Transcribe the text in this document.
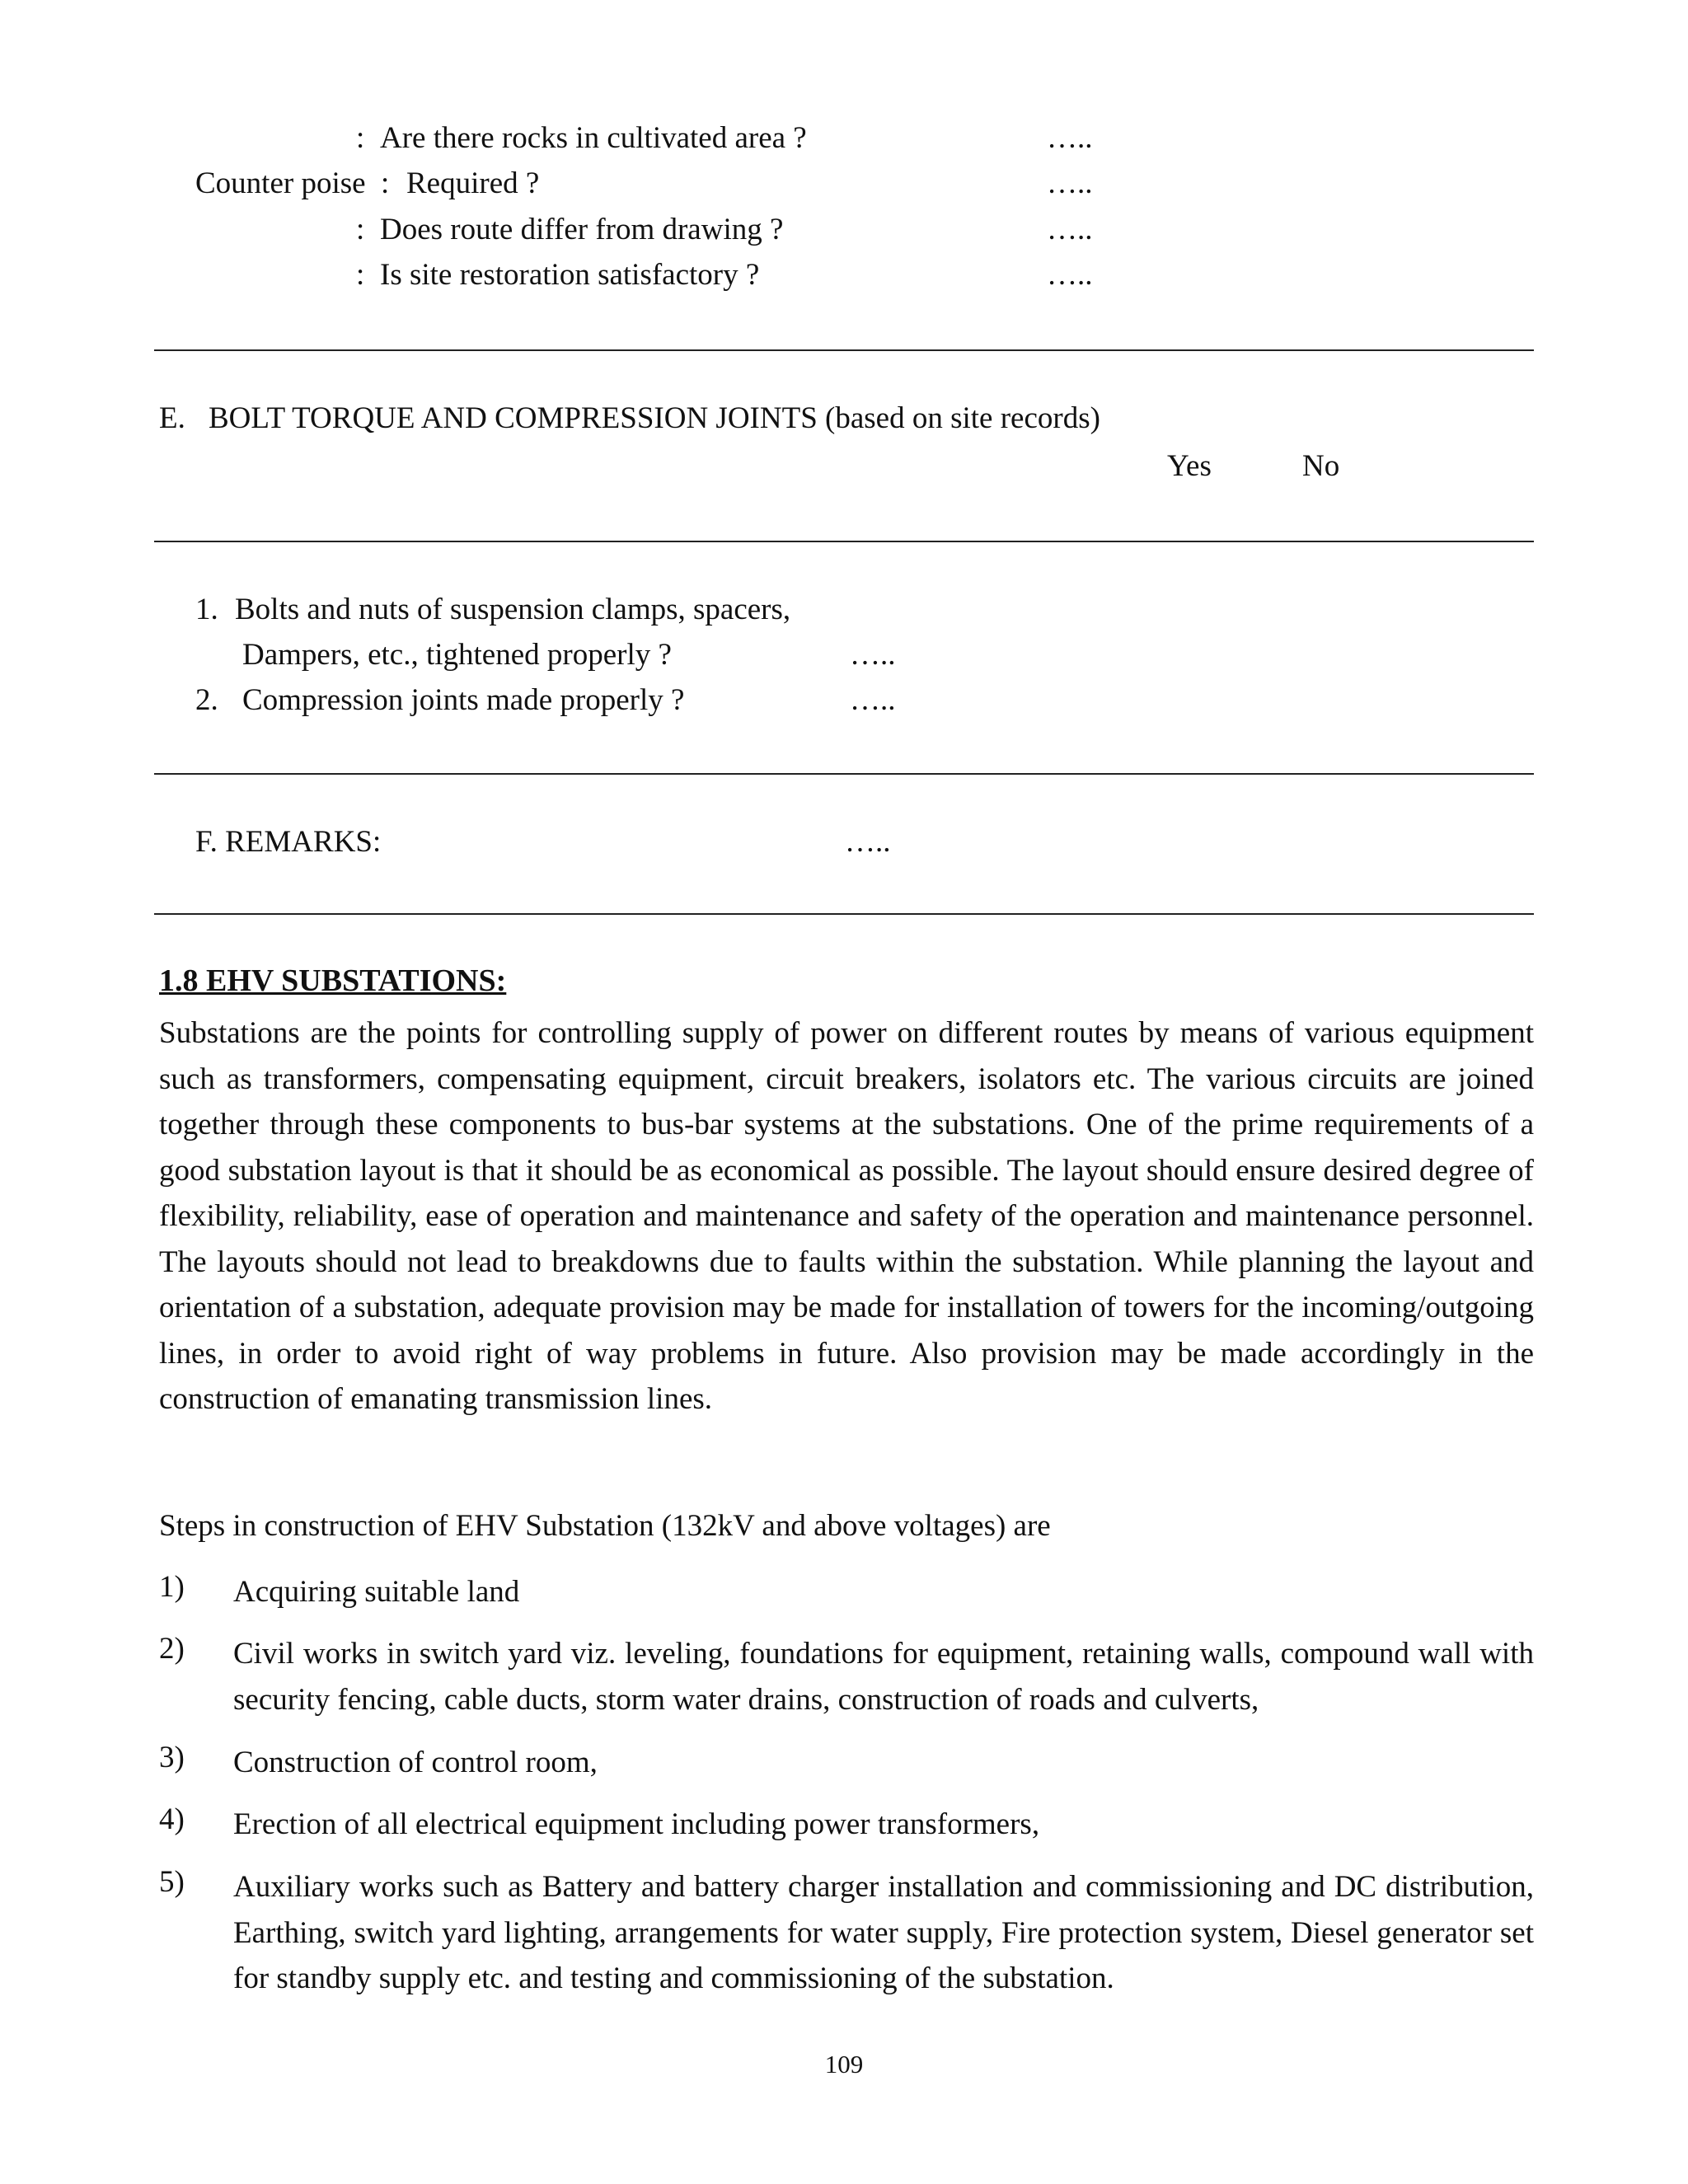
: Are there rocks in cultivated area ?	…..
Counter poise : Required ?	…..
: Does route differ from drawing ?	…..
: Is site restoration satisfactory ?	…..
E. BOLT TORQUE AND COMPRESSION JOINTS (based on site records)
Yes	No
1. Bolts and nuts of suspension clamps, spacers,
Dampers, etc., tightened properly ?	…..
2. Compression joints made properly ?	…..
F. REMARKS:	…..
1.8 EHV SUBSTATIONS:
Substations are the points for controlling supply of power on different routes by means of various equipment such as transformers, compensating equipment, circuit breakers, isolators etc. The various circuits are joined together through these components to bus-bar systems at the substations. One of the prime requirements of a good substation layout is that it should be as economical as possible. The layout should ensure desired degree of flexibility, reliability, ease of operation and maintenance and safety of the operation and maintenance personnel. The layouts should not lead to breakdowns due to faults within the substation. While planning the layout and orientation of a substation, adequate provision may be made for installation of towers for the incoming/outgoing lines, in order to avoid right of way problems in future. Also provision may be made accordingly in the construction of emanating transmission lines.
Steps in construction of EHV Substation (132kV and above voltages) are
1) Acquiring suitable land
2) Civil works in switch yard viz. leveling, foundations for equipment, retaining walls, compound wall with security fencing, cable ducts, storm water drains, construction of roads and culverts,
3) Construction of control room,
4) Erection of all electrical equipment including power transformers,
5) Auxiliary works such as Battery and battery charger installation and commissioning and DC distribution, Earthing, switch yard lighting, arrangements for water supply, Fire protection system, Diesel generator set for standby supply etc. and testing and commissioning of the substation.
109
